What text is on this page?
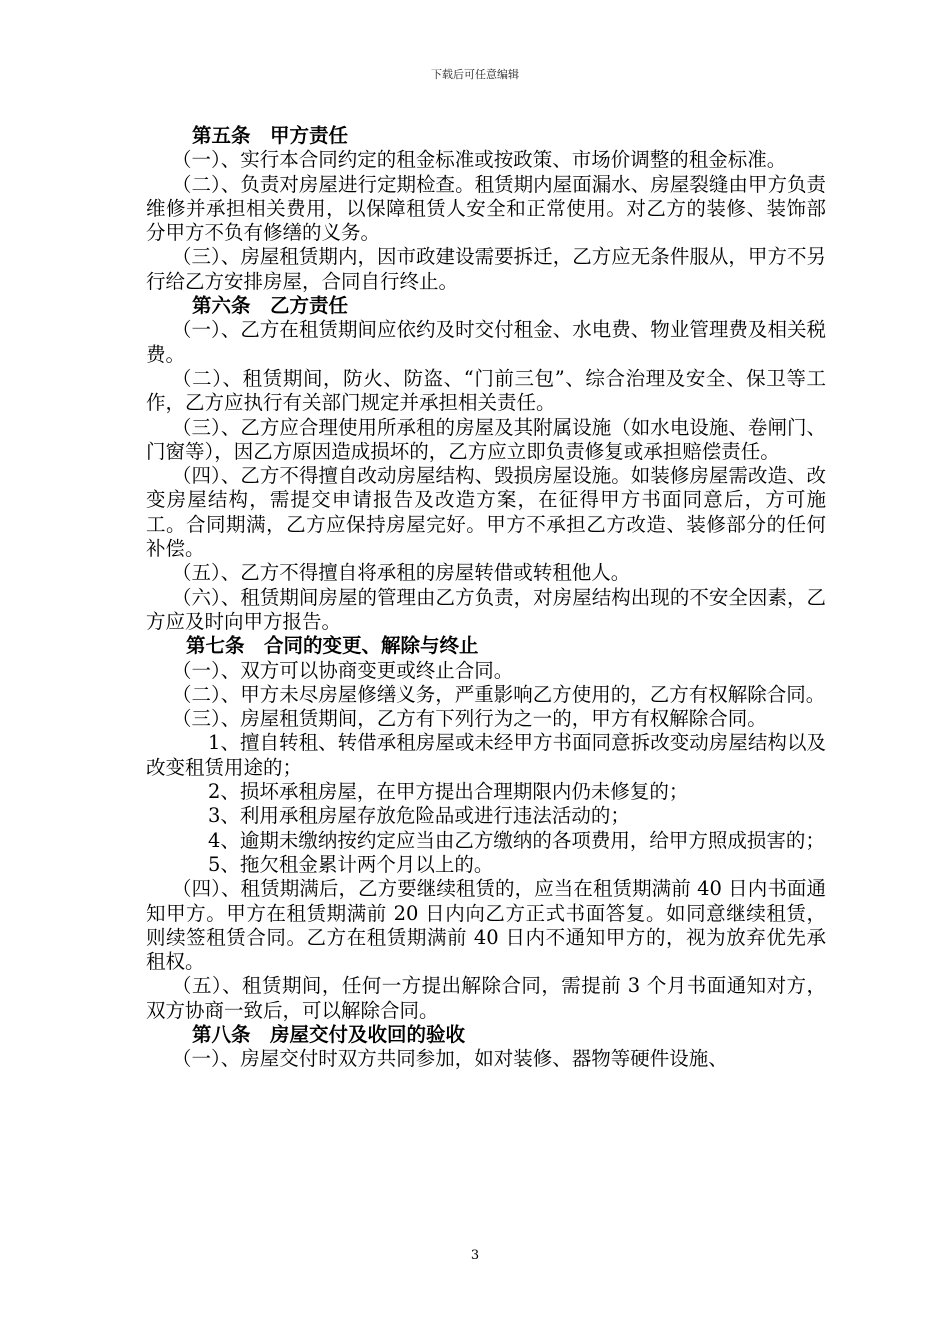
下载后可任意编辑

第五条　甲方责任

（一）、实行本合同约定的租金标准或按政策、市场价调整的租金标准。

（二）、负责对房屋进行定期检查。租赁期内屋面漏水、房屋裂缝由甲方负责维修并承担相关费用，以保障租赁人安全和正常使用。对乙方的装修、装饰部分甲方不负有修缮的义务。

（三）、房屋租赁期内，因市政建设需要拆迁，乙方应无条件服从，甲方不另行给乙方安排房屋，合同自行终止。

第六条　乙方责任

（一）、乙方在租赁期间应依约及时交付租金、水电费、物业管理费及相关税费。

（二）、租赁期间，防火、防盗、“门前三包”、综合治理及安全、保卫等工作，乙方应执行有关部门规定并承担相关责任。

（三）、乙方应合理使用所承租的房屋及其附属设施（如水电设施、卷闸门、门窗等），因乙方原因造成损坏的，乙方应立即负责修复或承担赔偿责任。

（四）、乙方不得擅自改动房屋结构、毁损房屋设施。如装修房屋需改造、改变房屋结构，需提交申请报告及改造方案，在征得甲方书面同意后，方可施工。合同期满，乙方应保持房屋完好。甲方不承担乙方改造、装修部分的任何补偿。

（五）、乙方不得擅自将承租的房屋转借或转租他人。

（六）、租赁期间房屋的管理由乙方负责，对房屋结构出现的不安全因素，乙方应及时向甲方报告。

第七条　合同的变更、解除与终止

（一）、双方可以协商变更或终止合同。

（二）、甲方未尽房屋修缮义务，严重影响乙方使用的，乙方有权解除合同。

（三）、房屋租赁期间，乙方有下列行为之一的，甲方有权解除合同。

1、擅自转租、转借承租房屋或未经甲方书面同意拆改变动房屋结构以及改变租赁用途的；

2、损坏承租房屋，在甲方提出合理期限内仍未修复的；

3、利用承租房屋存放危险品或进行违法活动的；

4、逾期未缴纳按约定应当由乙方缴纳的各项费用，给甲方照成损害的；

5、拖欠租金累计两个月以上的。

（四）、租赁期满后，乙方要继续租赁的，应当在租赁期满前 40 日内书面通知甲方。甲方在租赁期满前 20 日内向乙方正式书面答复。如同意继续租赁，则续签租赁合同。乙方在租赁期满前 40 日内不通知甲方的，视为放弃优先承租权。

（五）、租赁期间，任何一方提出解除合同，需提前 3 个月书面通知对方，双方协商一致后，可以解除合同。

第八条　房屋交付及收回的验收

（一）、房屋交付时双方共同参加，如对装修、器物等硬件设施、

3
